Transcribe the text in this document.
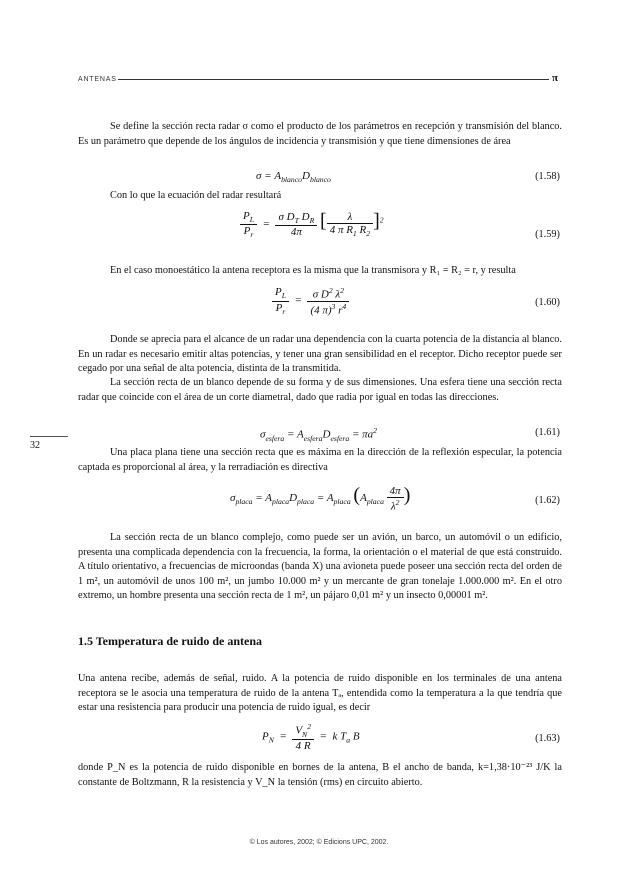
ANTENAS	π
32

Se define la sección recta radar σ como el producto de los parámetros en recepción y transmisión del blanco. Es un parámetro que depende de los ángulos de incidencia y transmisión y que tiene dimensiones de área

$\sigma = A_{blanco}D_{blanco}$	(1.58)

Con lo que la ecuación del radar resultará

$\frac{P_L}{P_r} = \frac{\sigma D_T D_R}{4\pi}$ [ $\frac{\lambda}{4 \pi R_1 R_2} ]^2$
(1.59)

En el caso monoestático la antena receptora es la misma que la transmisora y R₁ = R₂ = r, y resulta

$\frac{P_L}{P_r} = \frac{\sigma D^2 \lambda^2}{(4 \pi)^3 r^4}$	(1.60)

Donde se aprecia para el alcance de un radar una dependencia con la cuarta potencia de la distancia al blanco. En un radar es necesario emitir altas potencias, y tener una gran sensibilidad en el receptor. Dicho receptor puede ser cegado por una señal de alta potencia, distinta de la transmitida.

La sección recta de un blanco depende de su forma y de sus dimensiones. Una esfera tiene una sección recta radar que coincide con el área de un corte diametral, dado que radia por igual en todas las direcciones.

$\sigma_{esfera} = A_{esfera}D_{esfera} = \pi a^2$	(1.61)

Una placa plana tiene una sección recta que es máxima en la dirección de la reflexión especular, la potencia captada es proporcional al área, y la rerradiación es directiva

$\sigma_{placa} = A_{placa}D_{placa} = A_{placa}$ ($A_{placa} \frac{4\pi}{\lambda^2}$ )	(1.62)

La sección recta de un blanco complejo, como puede ser un avión, un barco, un automóvil o un edificio, presenta una complicada dependencia con la frecuencia, la forma, la orientación o el material de que está construido. A título orientativo, a frecuencias de microondas (banda X) una avioneta puede poseer una sección recta del orden de 1 m², un automóvil de unos 100 m², un jumbo 10.000 m² y un mercante de gran tonelaje 1.000.000 m². En el otro extremo, un hombre presenta una sección recta de 1 m², un pájaro 0,01 m² y un insecto 0,00001 m².

1.5 Temperatura de ruido de antena

Una antena recibe, además de señal, ruido. A la potencia de ruido disponible en los terminales de una antena receptora se le asocia una temperatura de ruido de la antena Tₐ, entendida como la temperatura a la que tendría que estar una resistencia para producir una potencia de ruido igual, es decir

$P_N = \frac{V_N^2}{4 R} = k$ $T_a$ B	(1.63)

donde P_N es la potencia de ruido disponible en bornes de la antena, B el ancho de banda, k=1,38·10⁻²³ J/K la constante de Boltzmann, R la resistencia y V_N la tensión (rms) en circuito abierto.

© Los autores, 2002; © Edicions UPC, 2002.
